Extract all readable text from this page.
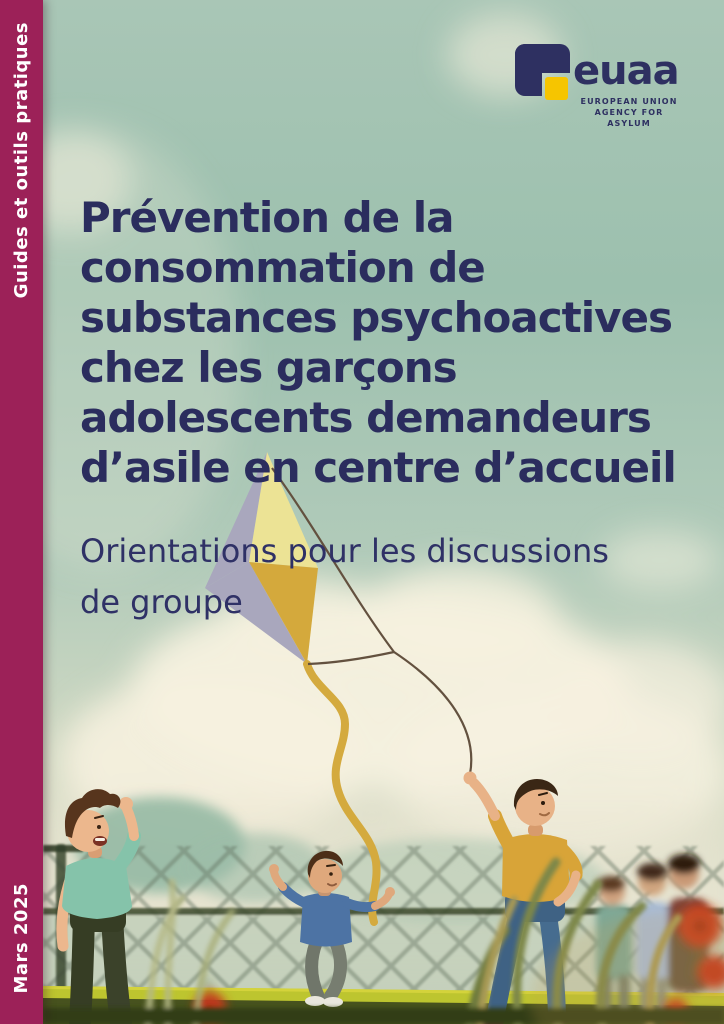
Guides et outils pratiques
Mars 2025
euaa
EUROPEAN UNION
AGENCY FOR ASYLUM
Prévention de la
consommation de
substances psychoactives
chez les garçons
adolescents demandeurs
d’asile en centre d’accueil
Orientations pour les discussions
de groupe
